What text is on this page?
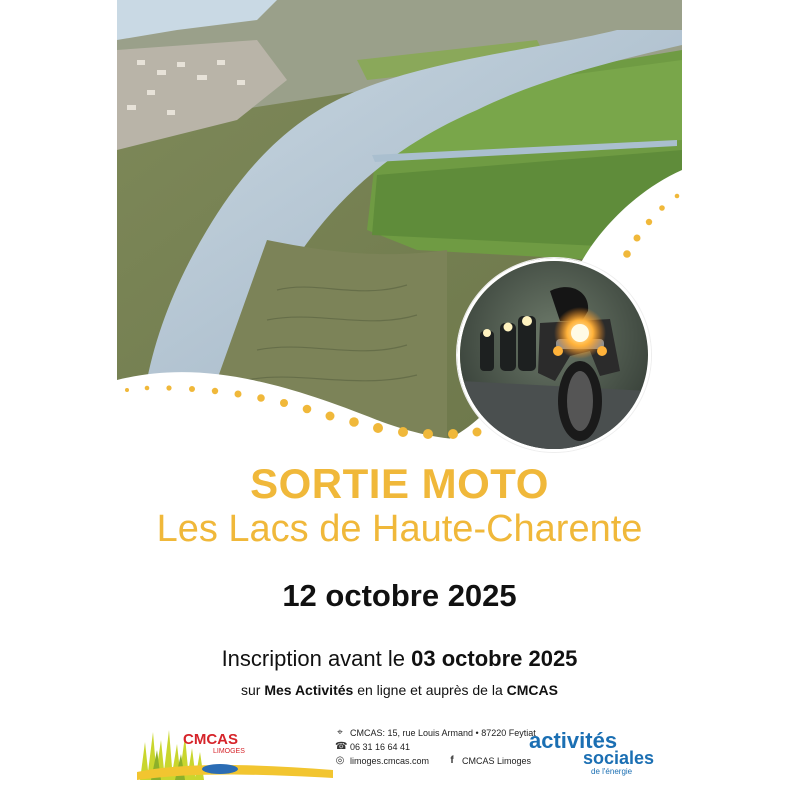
SORTIE MOTO
Les Lacs de Haute-Charente
12 octobre 2025
Inscription avant le 03 octobre 2025
sur Mes Activités en ligne et auprès de la CMCAS
CMCAS
LIMOGES
⌖ CMCAS: 15, rue Louis Armand • 87220 Feytiat
☎ 06 31 16 64 41
◎ limoges.cmcas.com	f CMCAS Limoges
activités
sociales
de l'énergie
